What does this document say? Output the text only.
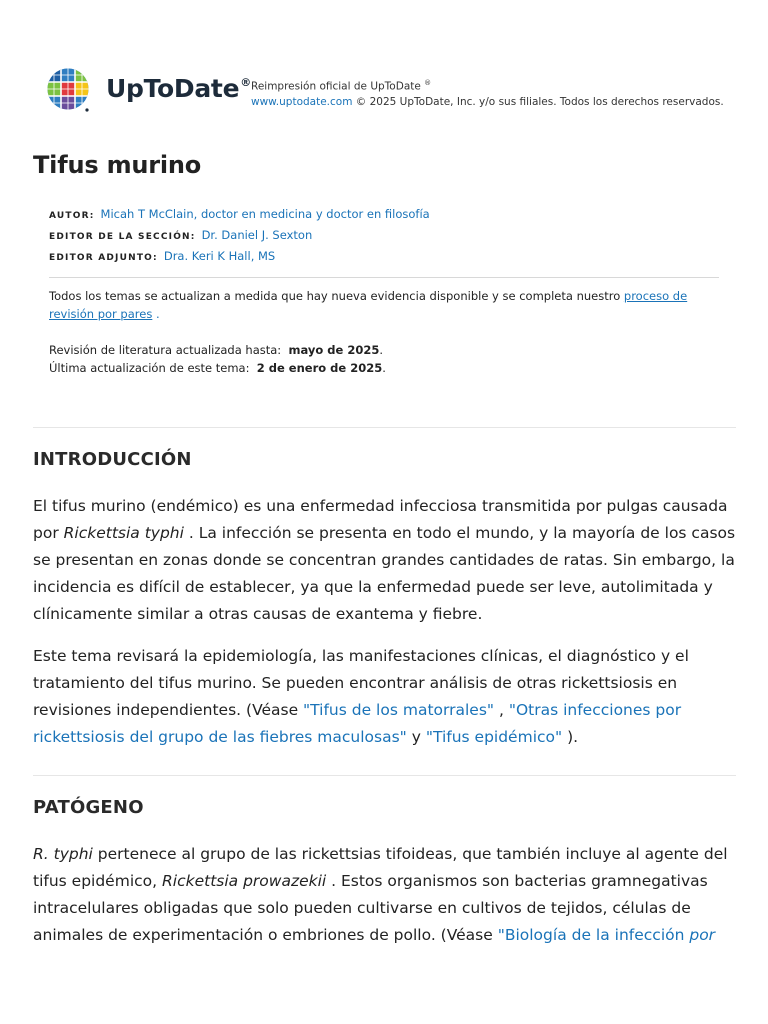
UpToDate® Reimpresión oficial de UpToDate ®
www.uptodate.com © 2025 UpToDate, Inc. y/o sus filiales. Todos los derechos reservados.
Tifus murino
AUTOR: Micah T McClain, doctor en medicina y doctor en filosofía
EDITOR DE LA SECCIÓN: Dr. Daniel J. Sexton
EDITOR ADJUNTO: Dra. Keri K Hall, MS
Todos los temas se actualizan a medida que hay nueva evidencia disponible y se completa nuestro proceso de revisión por pares .
Revisión de literatura actualizada hasta: mayo de 2025.
Última actualización de este tema: 2 de enero de 2025.
INTRODUCCIÓN

El tifus murino (endémico) es una enfermedad infecciosa transmitida por pulgas causada por Rickettsia typhi . La infección se presenta en todo el mundo, y la mayoría de los casos se presentan en zonas donde se concentran grandes cantidades de ratas. Sin embargo, la incidencia es difícil de establecer, ya que la enfermedad puede ser leve, autolimitada y clínicamente similar a otras causas de exantema y fiebre.

Este tema revisará la epidemiología, las manifestaciones clínicas, el diagnóstico y el tratamiento del tifus murino. Se pueden encontrar análisis de otras rickettsiosis en revisiones independientes. (Véase "Tifus de los matorrales" , "Otras infecciones por rickettsiosis del grupo de las fiebres maculosas" y "Tifus epidémico" ).

PATÓGENO

R. typhi pertenece al grupo de las rickettsias tifoideas, que también incluye al agente del tifus epidémico, Rickettsia prowazekii . Estos organismos son bacterias gramnegativas intracelulares obligadas que solo pueden cultivarse en cultivos de tejidos, células de animales de experimentación o embriones de pollo. (Véase "Biología de la infección por
